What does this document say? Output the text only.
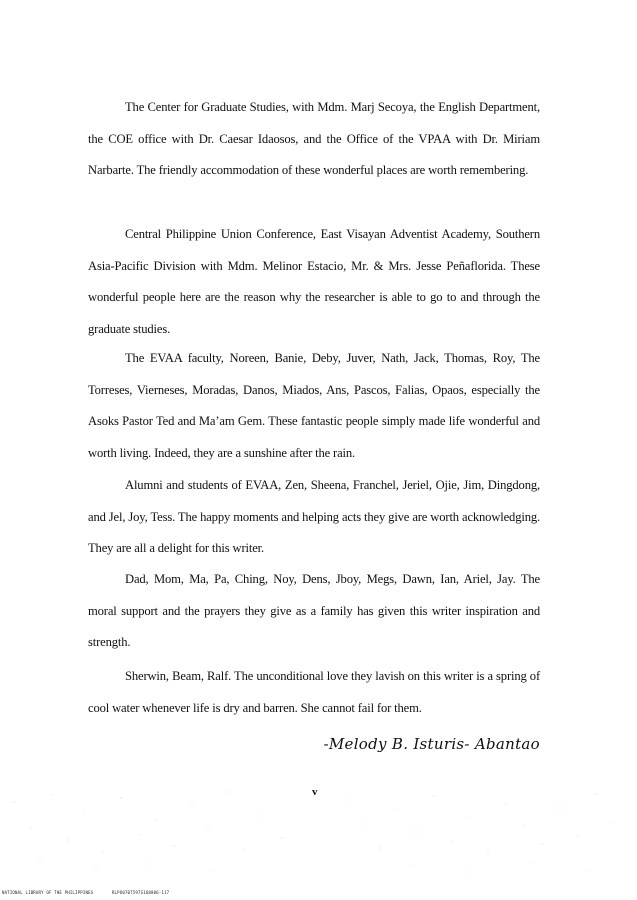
The Center for Graduate Studies, with Mdm. Marj Secoya, the English Department, the COE office with Dr. Caesar Idaosos, and the Office of the VPAA with Dr. Miriam Narbarte. The friendly accommodation of these wonderful places are worth remembering.

Central Philippine Union Conference, East Visayan Adventist Academy, Southern Asia-Pacific Division with Mdm. Melinor Estacio, Mr. & Mrs. Jesse Peñaflorida. These wonderful people here are the reason why the researcher is able to go to and through the graduate studies.

The EVAA faculty, Noreen, Banie, Deby, Juver, Nath, Jack, Thomas, Roy, The Torreses, Vierneses, Moradas, Danos, Miados, Ans, Pascos, Falias, Opaos, especially the Asoks Pastor Ted and Ma’am Gem. These fantastic people simply made life wonderful and worth living. Indeed, they are a sunshine after the rain.

Alumni and students of EVAA, Zen, Sheena, Franchel, Jeriel, Ojie, Jim, Dingdong, and Jel, Joy, Tess. The happy moments and helping acts they give are worth acknowledging. They are all a delight for this writer.

Dad, Mom, Ma, Pa, Ching, Noy, Dens, Jboy, Megs, Dawn, Ian, Ariel, Jay. The moral support and the prayers they give as a family has given this writer inspiration and strength.

Sherwin, Beam, Ralf. The unconditional love they lavish on this writer is a spring of cool water whenever life is dry and barren. She cannot fail for them.

-Melody B. Isturis- Abantao
v
NATIONAL LIBRARY OF THE PHILIPPINES	RLPO0707597S168806-117
